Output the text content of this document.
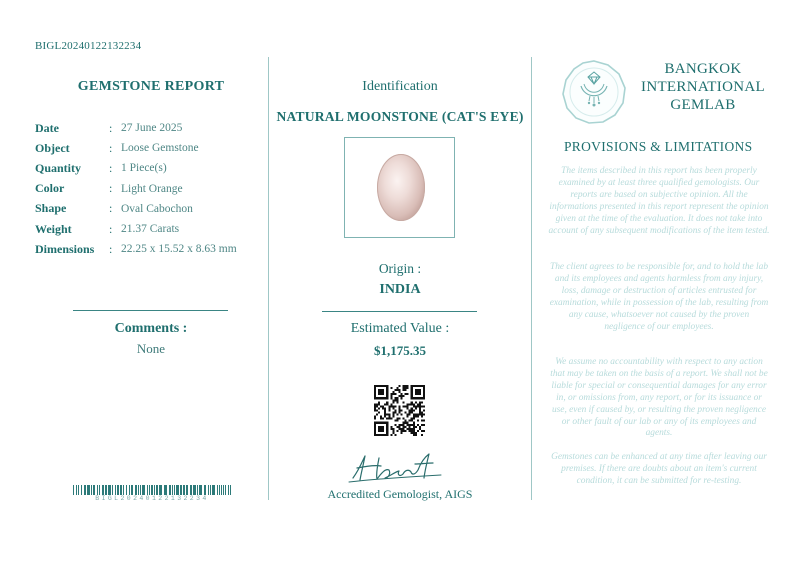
BIGL20240122132234
GEMSTONE REPORT
Date	:	27 June 2025
Object	:	Loose Gemstone
Quantity	:	1 Piece(s)
Color	:	Light Orange
Shape	:	Oval Cabochon
Weight	:	21.37 Carats
Dimensions	:	22.25 x 15.52 x 8.63 mm
Comments :
None
BIGL20240122132234
Identification
NATURAL MOONSTONE (CAT'S EYE)
Origin :
INDIA
Estimated Value :
$1,175.35
Accredited Gemologist, AIGS
BANGKOK
INTERNATIONAL
GEMLAB
PROVISIONS & LIMITATIONS
The items described in this report has been properly examined by at least three qualified gemologists. Our reports are based on subjective opinion. All the informations presented in this report represent the opinion given at the time of the evaluation. It does not take into account of any subsequent modifications of the item tested.
The client agrees to be responsible for, and to hold the lab and its employees and agents harmless from any injury, loss, damage or destruction of articles entrusted for examination, while in possession of the lab, resulting from any cause, whatsoever not caused by the proven negligence of our employees.
We assume no accountability with respect to any action that may be taken on the basis of a report. We shall not be liable for special or consequential damages for any error in, or omissions from, any report, or for its issuance or use, even if caused by, or resulting the proven negligence or other fault of our lab or any of its employees and agents.
Gemstones can be enhanced at any time after leaving our premises. If there are doubts about an item's current condition, it can be submitted for re-testing.
